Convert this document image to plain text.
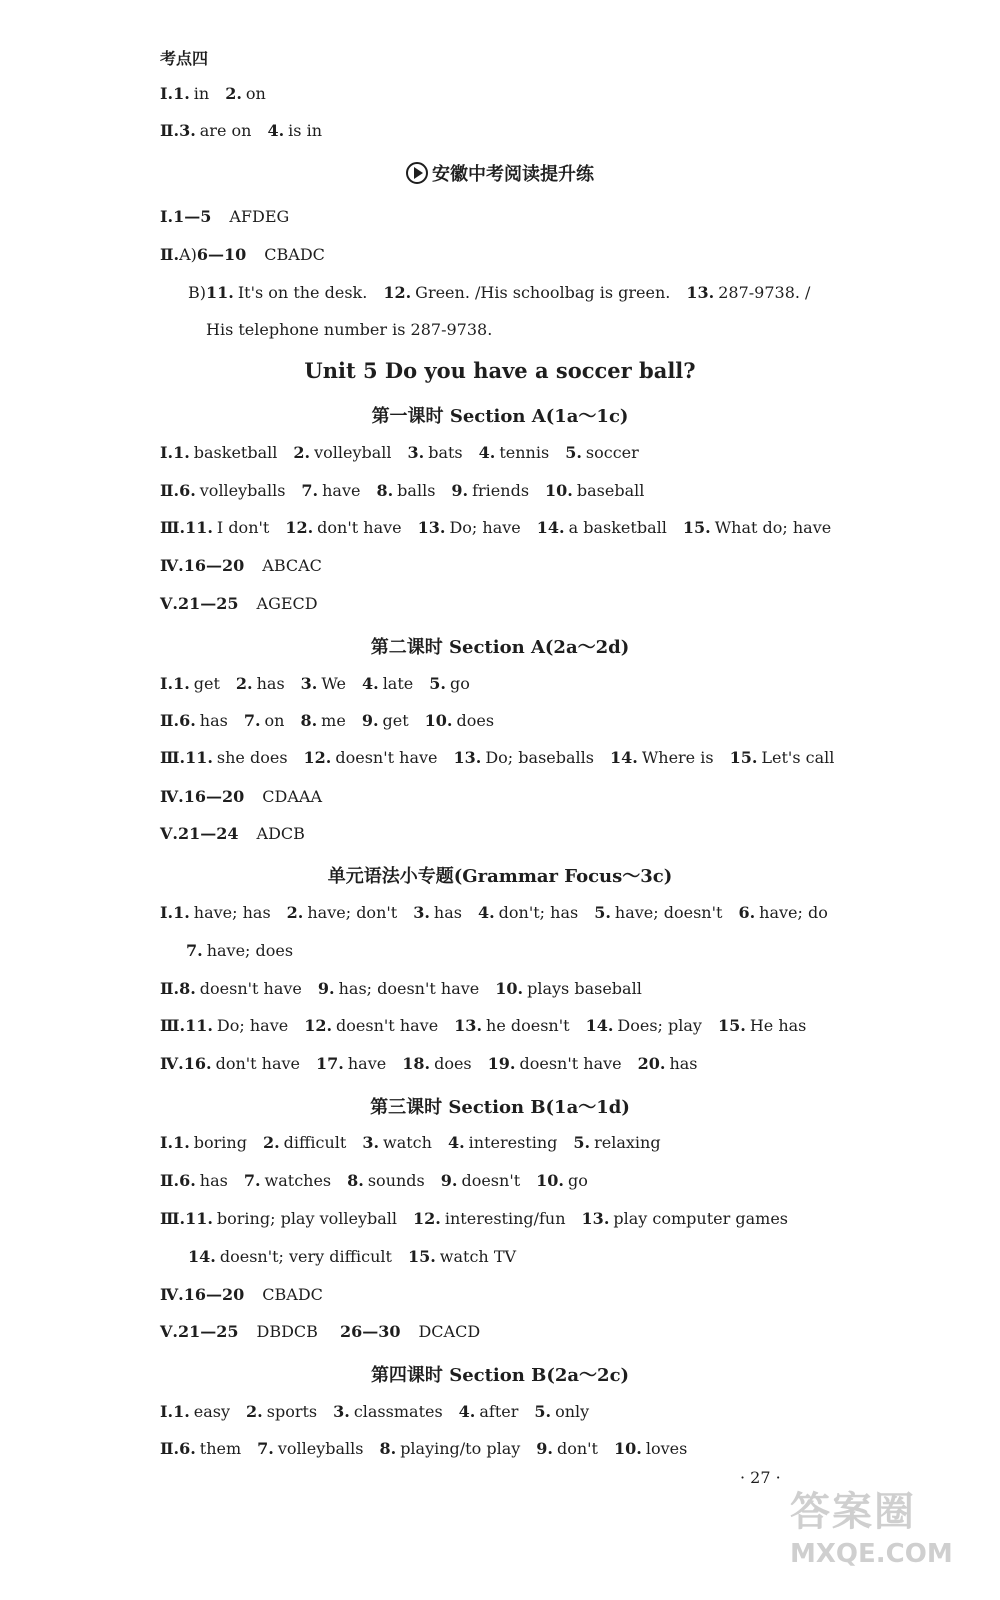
考点四
Ⅰ.1. in 2. on
Ⅱ.3. are on 4. is in
安徽中考阅读提升练
Ⅰ.1—5 AFDEG
Ⅱ.A)6—10 CBADC
B)11. It's on the desk. 12. Green. /His schoolbag is green. 13. 287-9738. /
His telephone number is 287-9738.
Unit 5 Do you have a soccer ball?
第一课时 Section A(1a～1c)
Ⅰ.1. basketball 2. volleyball 3. bats 4. tennis 5. soccer
Ⅱ.6. volleyballs 7. have 8. balls 9. friends 10. baseball
Ⅲ.11. I don't 12. don't have 13. Do; have 14. a basketball 15. What do; have
Ⅳ.16—20 ABCAC
Ⅴ.21—25 AGECD
第二课时 Section A(2a～2d)
Ⅰ.1. get 2. has 3. We 4. late 5. go
Ⅱ.6. has 7. on 8. me 9. get 10. does
Ⅲ.11. she does 12. doesn't have 13. Do; baseballs 14. Where is 15. Let's call
Ⅳ.16—20 CDAAA
Ⅴ.21—24 ADCB
单元语法小专题(Grammar Focus～3c)
Ⅰ.1. have; has 2. have; don't 3. has 4. don't; has 5. have; doesn't 6. have; do
7. have; does
Ⅱ.8. doesn't have 9. has; doesn't have 10. plays baseball
Ⅲ.11. Do; have 12. doesn't have 13. he doesn't 14. Does; play 15. He has
Ⅳ.16. don't have 17. have 18. does 19. doesn't have 20. has
第三课时 Section B(1a～1d)
Ⅰ.1. boring 2. difficult 3. watch 4. interesting 5. relaxing
Ⅱ.6. has 7. watches 8. sounds 9. doesn't 10. go
Ⅲ.11. boring; play volleyball 12. interesting/fun 13. play computer games
14. doesn't; very difficult 15. watch TV
Ⅳ.16—20 CBADC
Ⅴ.21—25 DBDCB 26—30 DCACD
第四课时 Section B(2a～2c)
Ⅰ.1. easy 2. sports 3. classmates 4. after 5. only
Ⅱ.6. them 7. volleyballs 8. playing/to play 9. don't 10. loves
· 27 ·
答案圈
MXQE.COM
